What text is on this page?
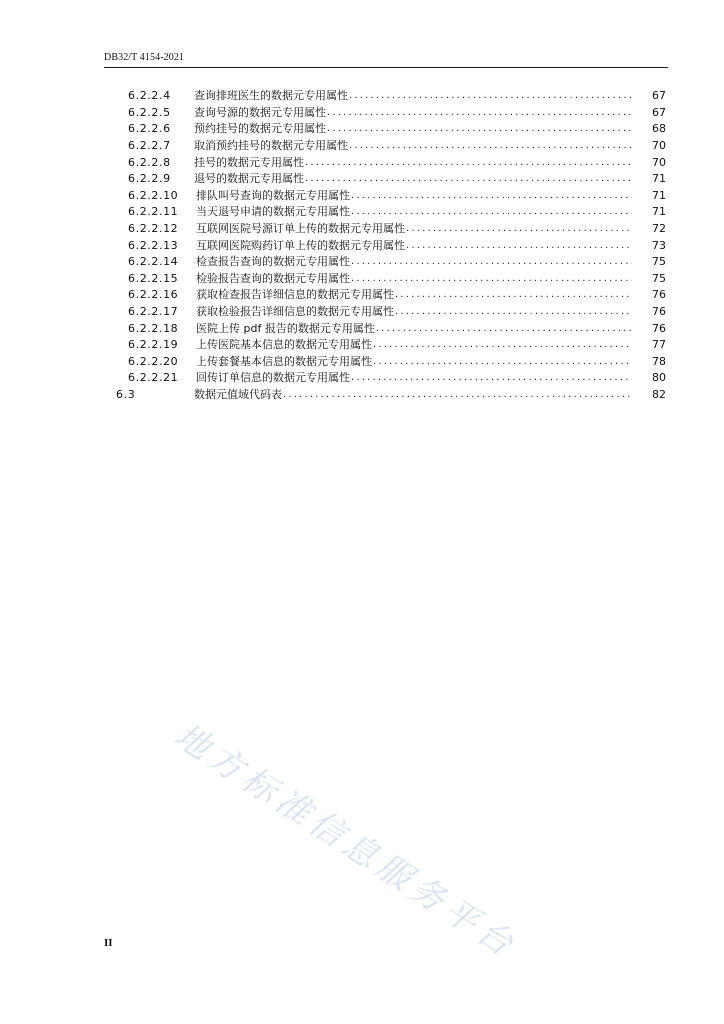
DB32/T 4154-2021
6.2.2.4	查询排班医生的数据元专用属性 .....	67
6.2.2.5	查询号源的数据元专用属性 .....	67
6.2.2.6	预约挂号的数据元专用属性 .....	68
6.2.2.7	取消预约挂号的数据元专用属性 .....	70
6.2.2.8	挂号的数据元专用属性 .....	70
6.2.2.9	退号的数据元专用属性 .....	71
6.2.2.10	排队叫号查询的数据元专用属性 .....	71
6.2.2.11	当天退号申请的数据元专用属性 .....	71
6.2.2.12	互联网医院号源订单上传的数据元专用属性 .....	72
6.2.2.13	互联网医院购药订单上传的数据元专用属性 .....	73
6.2.2.14	检查报告查询的数据元专用属性 .....	75
6.2.2.15	检验报告查询的数据元专用属性 .....	75
6.2.2.16	获取检查报告详细信息的数据元专用属性 .....	76
6.2.2.17	获取检验报告详细信息的数据元专用属性 .....	76
6.2.2.18	医院上传 pdf 报告的数据元专用属性 .....	76
6.2.2.19	上传医院基本信息的数据元专用属性 .....	77
6.2.2.20	上传套餐基本信息的数据元专用属性 .....	78
6.2.2.21	回传订单信息的数据元专用属性 .....	80
6.3	数据元值域代码表 .....	82
地方标准信息服务平台
II
